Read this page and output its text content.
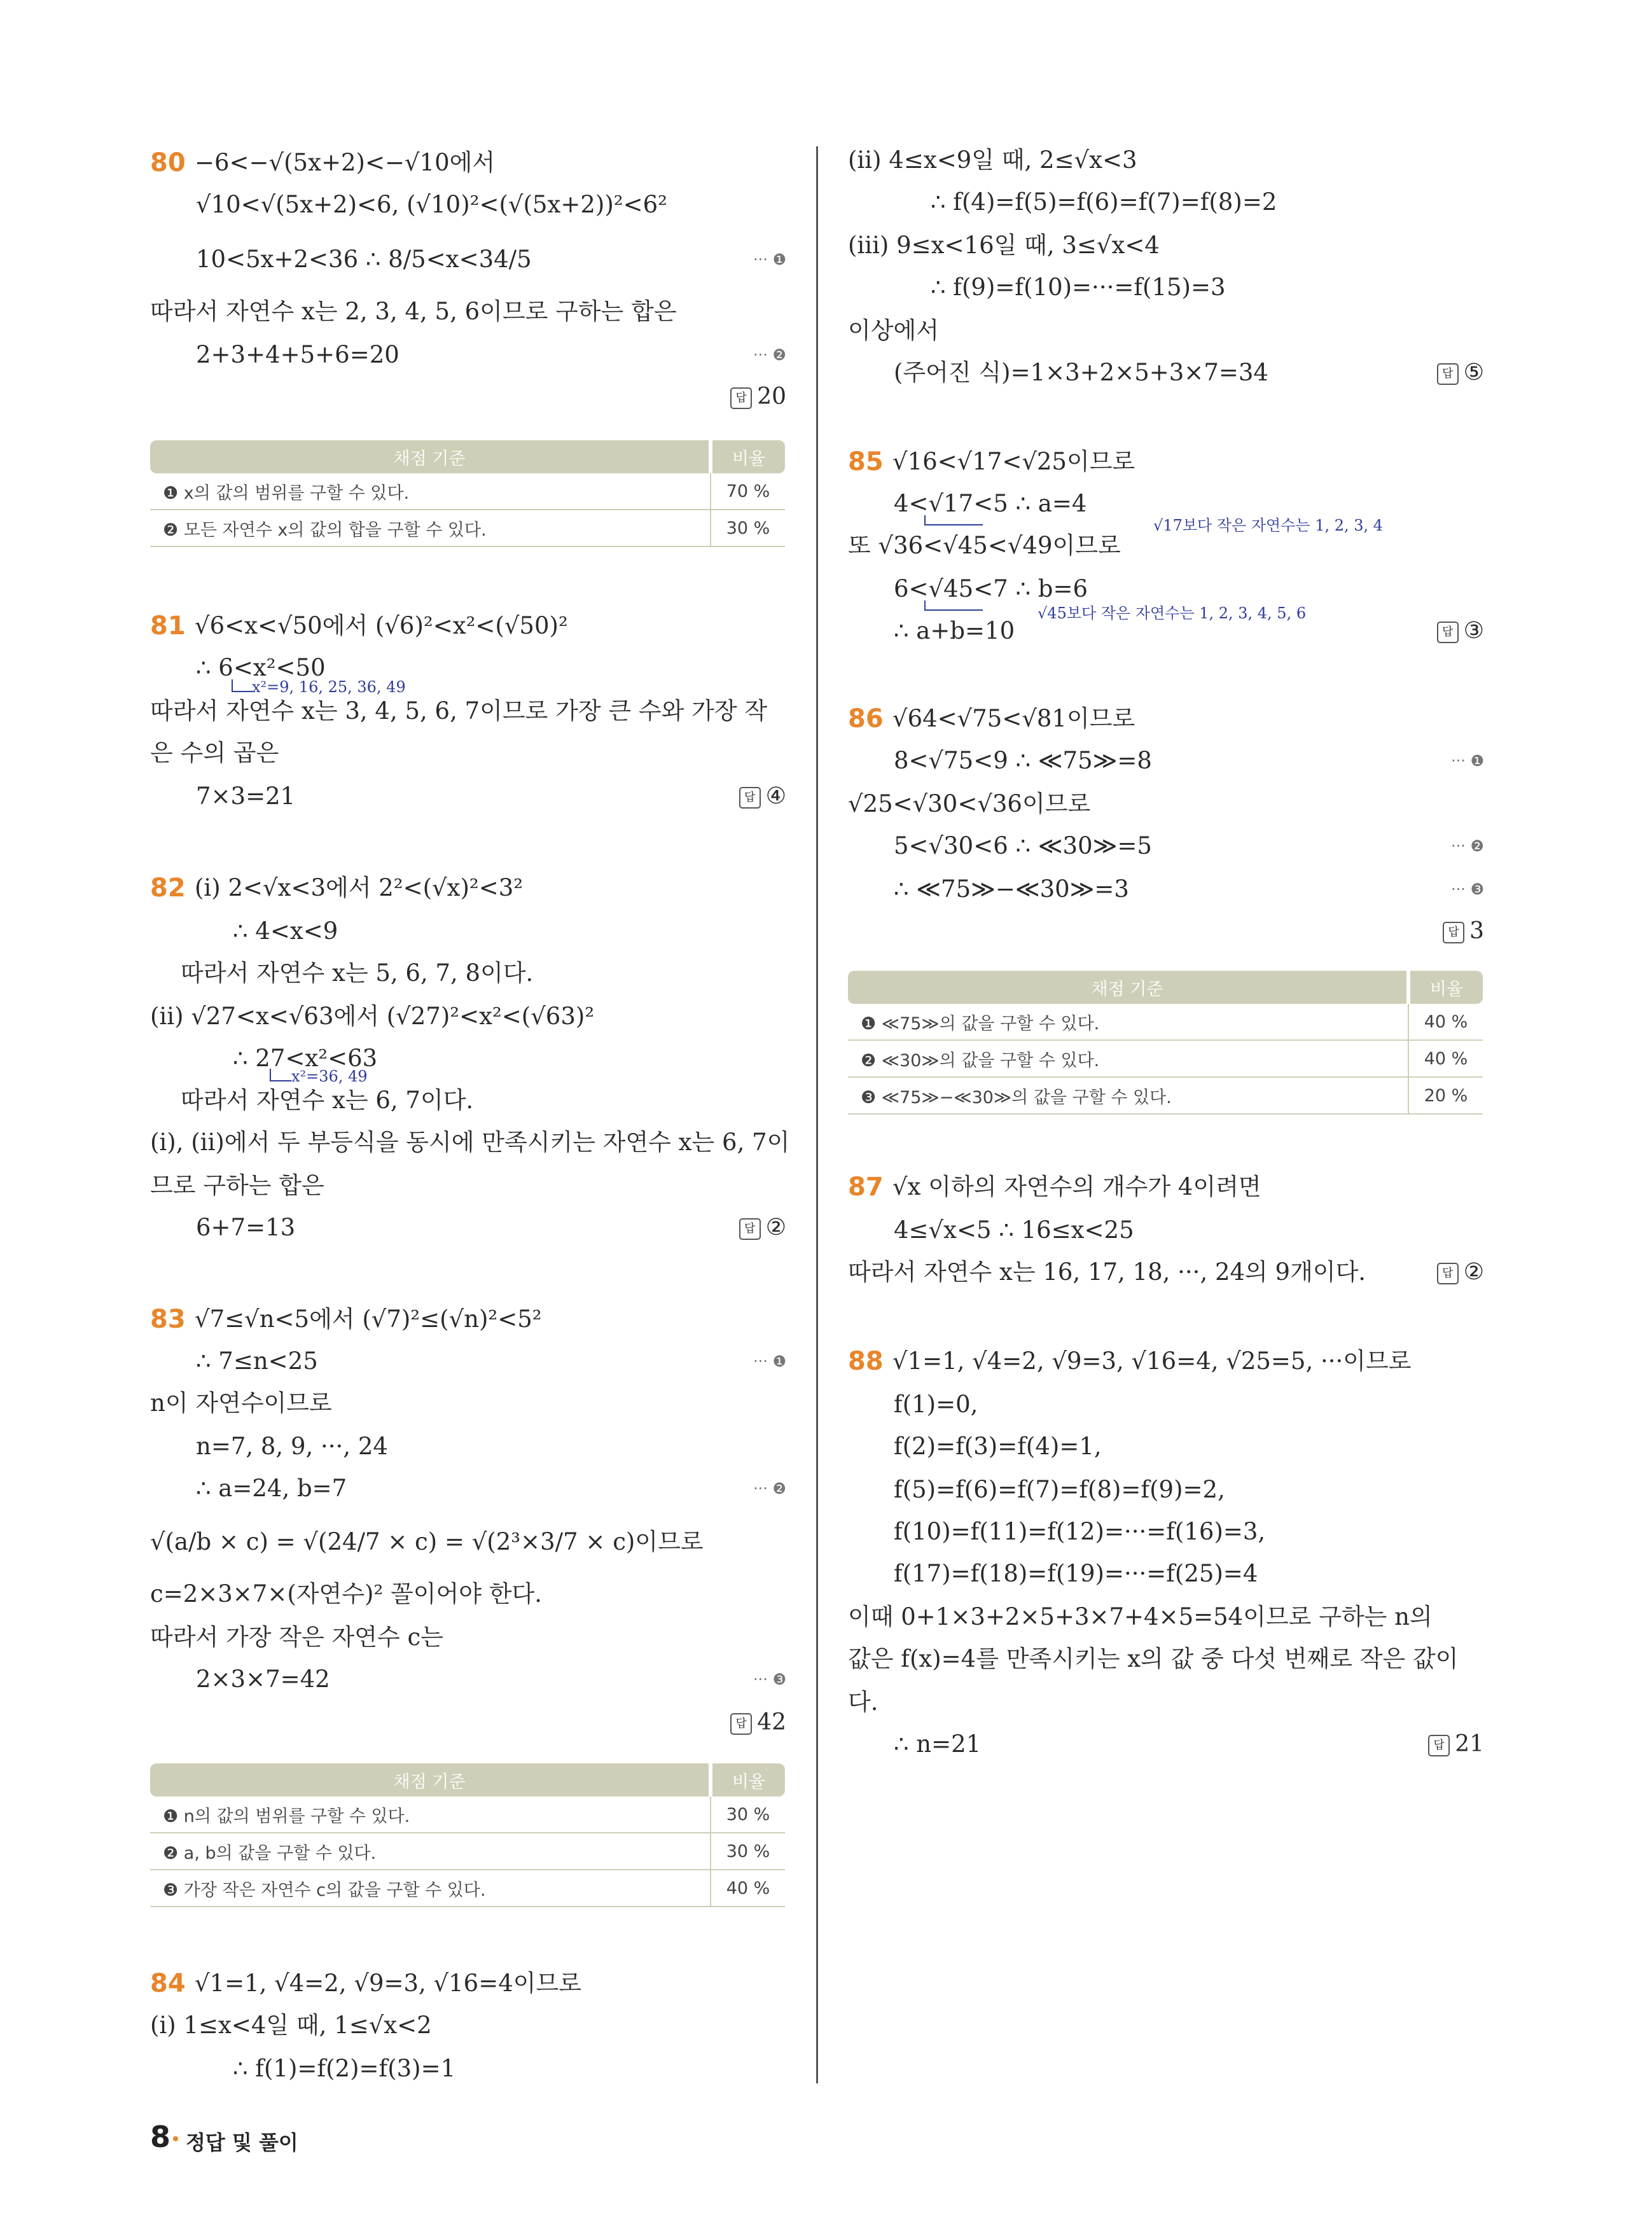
80 −6<−√(5x+2)<−√10에서
√10<√(5x+2)<6, (√10)²<(√(5x+2))²<6²
10<5x+2<36 ∴ 8/5<x<34/5	··· ❶
따라서 자연수 x는 2, 3, 4, 5, 6이므로 구하는 합은
2+3+4+5+6=20	··· ❷
답 20
채점 기준	비율
❶ x의 값의 범위를 구할 수 있다.	70 %
❷ 모든 자연수 x의 값의 합을 구할 수 있다.	30 %
81 √6<x<√50에서 (√6)²<x²<(√50)²
∴ 6<x²<50
x²=9, 16, 25, 36, 49
따라서 자연수 x는 3, 4, 5, 6, 7이므로 가장 큰 수와 가장 작
은 수의 곱은
7×3=21	답 ④
82 (i) 2<√x<3에서 2²<(√x)²<3²
∴ 4<x<9
따라서 자연수 x는 5, 6, 7, 8이다.
(ii) √27<x<√63에서 (√27)²<x²<(√63)²
∴ 27<x²<63
x²=36, 49
따라서 자연수 x는 6, 7이다.
(i), (ii)에서 두 부등식을 동시에 만족시키는 자연수 x는 6, 7이
므로 구하는 합은
6+7=13	답 ②
83 √7≤√n<5에서 (√7)²≤(√n)²<5²
∴ 7≤n<25	··· ❶
n이 자연수이므로
n=7, 8, 9, ···, 24
∴ a=24, b=7	··· ❷
√(a/b × c) = √(24/7 × c) = √(2³×3/7 × c)이므로
c=2×3×7×(자연수)² 꼴이어야 한다.
따라서 가장 작은 자연수 c는
2×3×7=42	··· ❸
답 42
채점 기준	비율
❶ n의 값의 범위를 구할 수 있다.	30 %
❷ a, b의 값을 구할 수 있다.	30 %
❸ 가장 작은 자연수 c의 값을 구할 수 있다.	40 %
84 √1=1, √4=2, √9=3, √16=4이므로
(i) 1≤x<4일 때, 1≤√x<2
∴ f(1)=f(2)=f(3)=1
(ii) 4≤x<9일 때, 2≤√x<3
∴ f(4)=f(5)=f(6)=f(7)=f(8)=2
(iii) 9≤x<16일 때, 3≤√x<4
∴ f(9)=f(10)=···=f(15)=3
이상에서
(주어진 식)=1×3+2×5+3×7=34	답 ⑤
85 √16<√17<√25이므로
4<√17<5 ∴ a=4
√17보다 작은 자연수는 1, 2, 3, 4
또 √36<√45<√49이므로
6<√45<7 ∴ b=6
√45보다 작은 자연수는 1, 2, 3, 4, 5, 6
∴ a+b=10	답 ③
86 √64<√75<√81이므로
8<√75<9 ∴ ≪75≫=8	··· ❶
√25<√30<√36이므로
5<√30<6 ∴ ≪30≫=5	··· ❷
∴ ≪75≫−≪30≫=3	··· ❸
답 3
채점 기준	비율
❶ ≪75≫의 값을 구할 수 있다.	40 %
❷ ≪30≫의 값을 구할 수 있다.	40 %
❸ ≪75≫−≪30≫의 값을 구할 수 있다.	20 %
87 √x 이하의 자연수의 개수가 4이려면
4≤√x<5 ∴ 16≤x<25
따라서 자연수 x는 16, 17, 18, ···, 24의 9개이다.	답 ②
88 √1=1, √4=2, √9=3, √16=4, √25=5, ···이므로
f(1)=0,
f(2)=f(3)=f(4)=1,
f(5)=f(6)=f(7)=f(8)=f(9)=2,
f(10)=f(11)=f(12)=···=f(16)=3,
f(17)=f(18)=f(19)=···=f(25)=4
이때 0+1×3+2×5+3×7+4×5=54이므로 구하는 n의
값은 f(x)=4를 만족시키는 x의 값 중 다섯 번째로 작은 값이
다.
∴ n=21	답 21
8 정답 및 풀이
